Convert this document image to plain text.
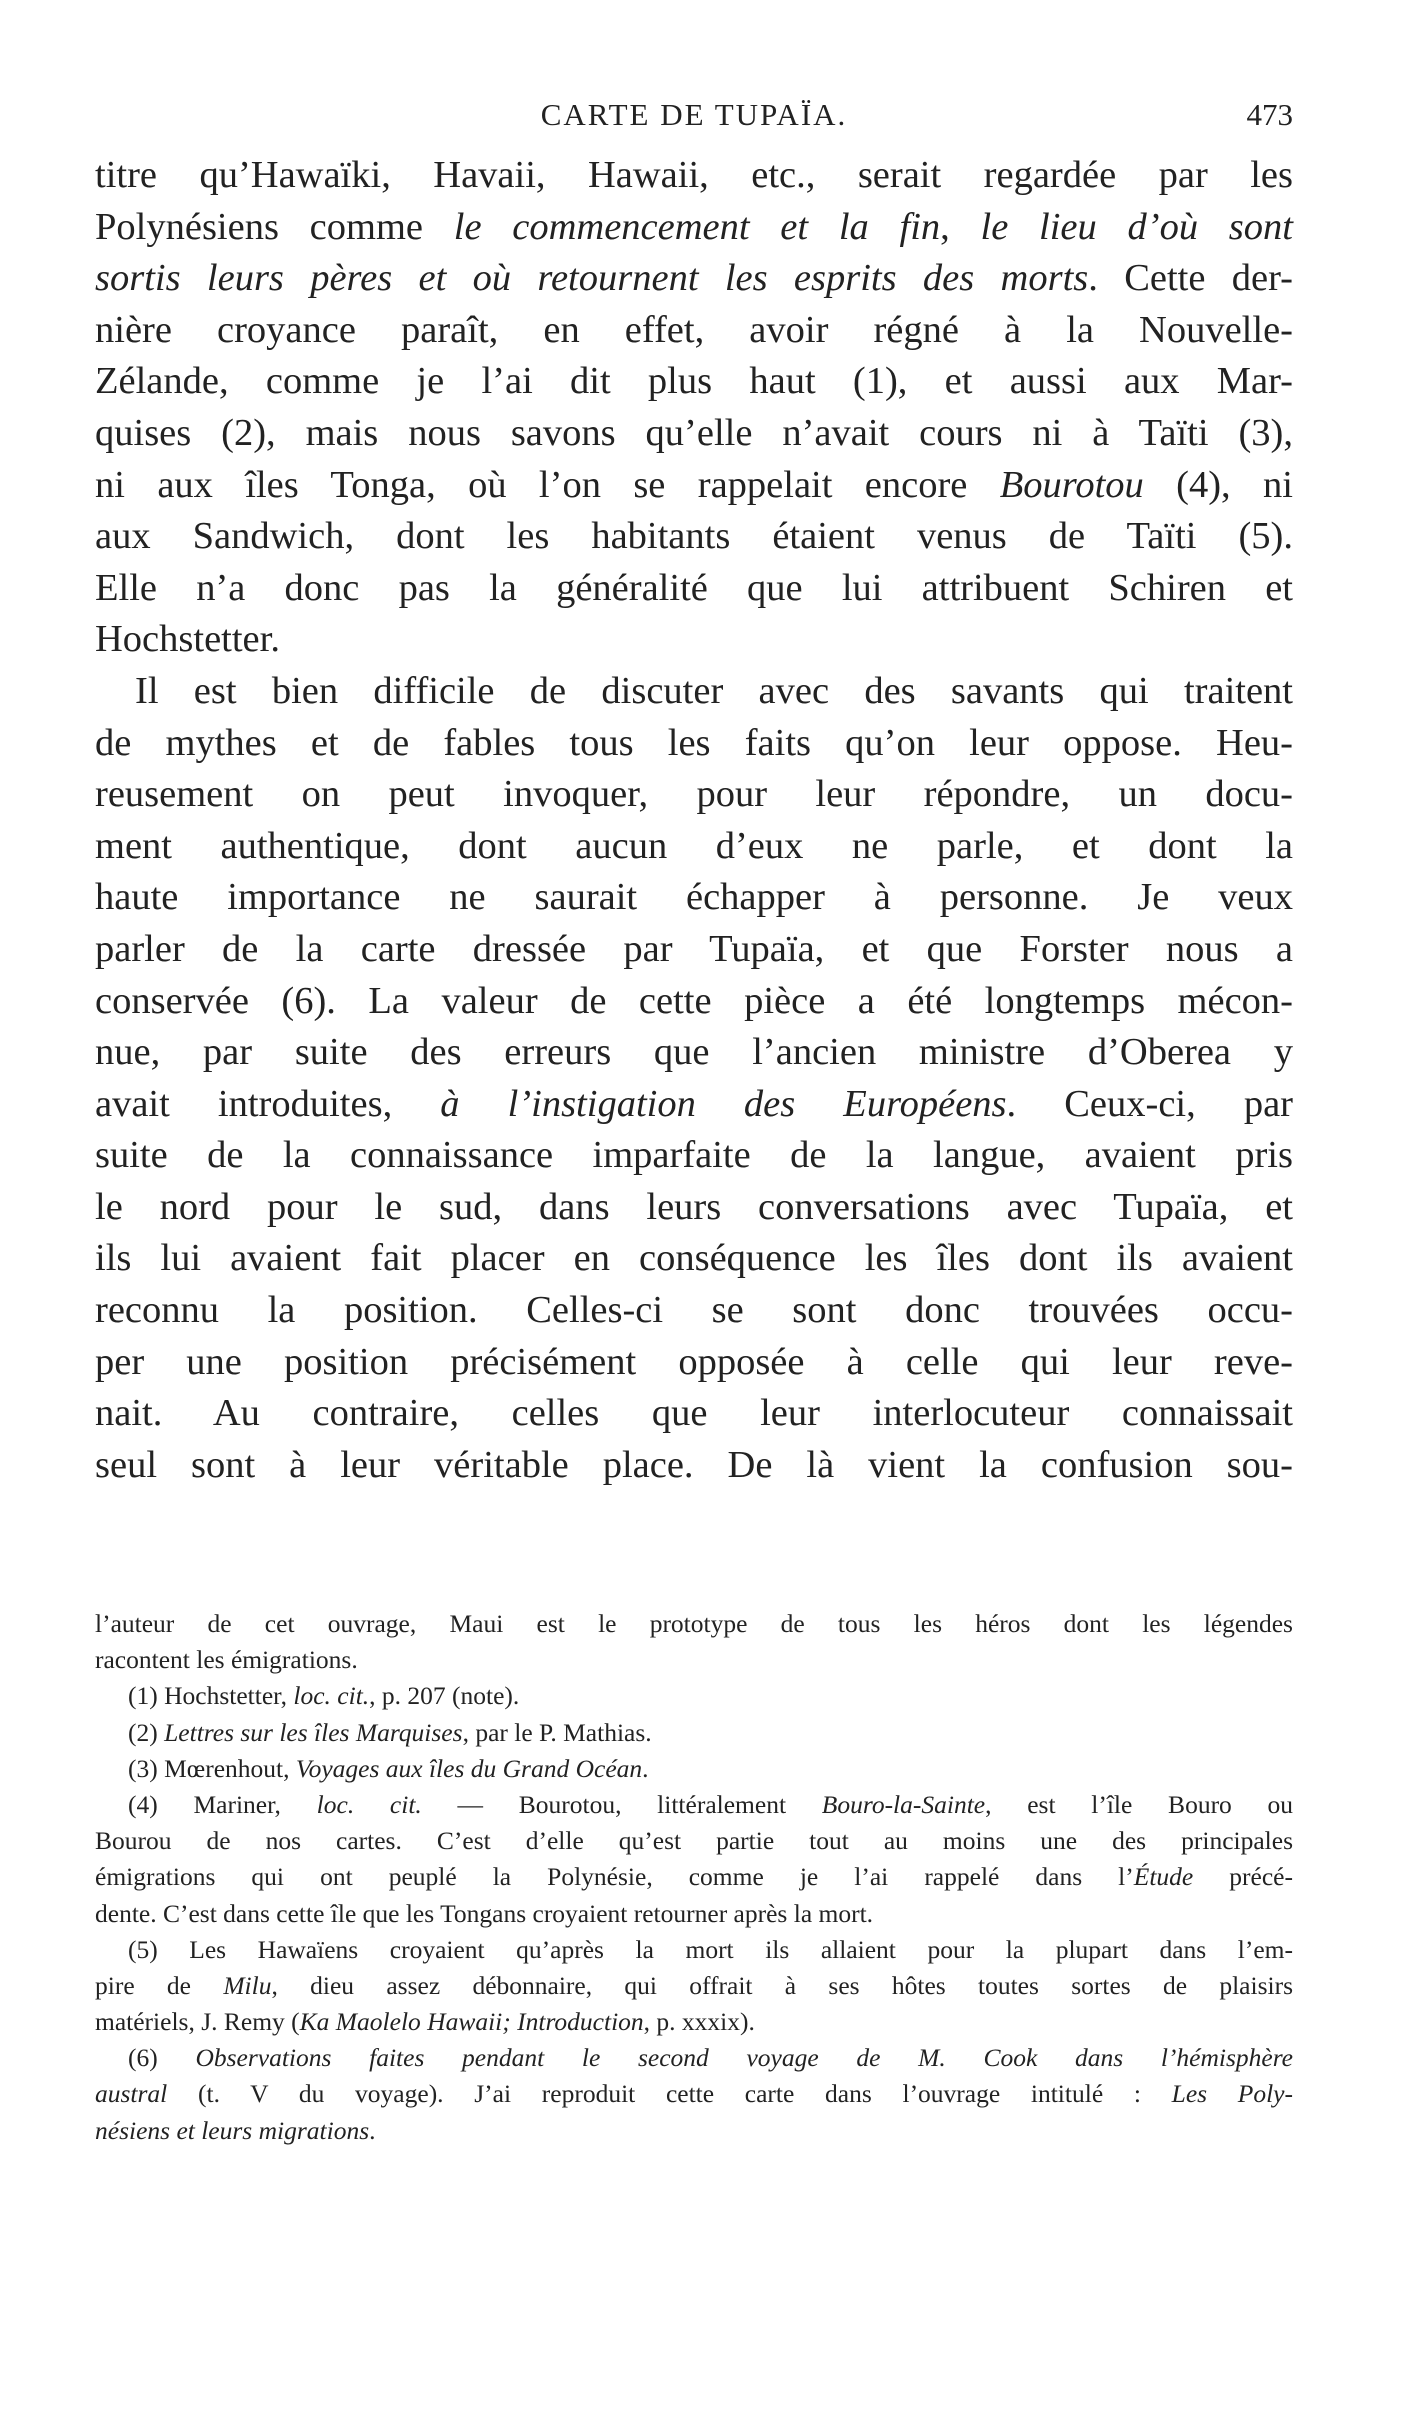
CARTE DE TUPAÏA.	473
titre qu’Hawaïki, Havaii, Hawaii, etc., serait regardée par les
Polynésiens comme le commencement et la fin, le lieu d’où sont
sortis leurs pères et où retournent les esprits des morts. Cette der-
nière croyance paraît, en effet, avoir régné à la Nouvelle-
Zélande, comme je l’ai dit plus haut (1), et aussi aux Mar-
quises (2), mais nous savons qu’elle n’avait cours ni à Taïti (3),
ni aux îles Tonga, où l’on se rappelait encore Bourotou (4), ni
aux Sandwich, dont les habitants étaient venus de Taïti (5).
Elle n’a donc pas la généralité que lui attribuent Schiren et
Hochstetter.
Il est bien difficile de discuter avec des savants qui traitent
de mythes et de fables tous les faits qu’on leur oppose. Heu-
reusement on peut invoquer, pour leur répondre, un docu-
ment authentique, dont aucun d’eux ne parle, et dont la
haute importance ne saurait échapper à personne. Je veux
parler de la carte dressée par Tupaïa, et que Forster nous a
conservée (6). La valeur de cette pièce a été longtemps mécon-
nue, par suite des erreurs que l’ancien ministre d’Oberea y
avait introduites, à l’instigation des Européens. Ceux-ci, par
suite de la connaissance imparfaite de la langue, avaient pris
le nord pour le sud, dans leurs conversations avec Tupaïa, et
ils lui avaient fait placer en conséquence les îles dont ils avaient
reconnu la position. Celles-ci se sont donc trouvées occu-
per une position précisément opposée à celle qui leur reve-
nait. Au contraire, celles que leur interlocuteur connaissait
seul sont à leur véritable place. De là vient la confusion sou-
l’auteur de cet ouvrage, Maui est le prototype de tous les héros dont les légendes
racontent les émigrations.
(1) Hochstetter, loc. cit., p. 207 (note).
(2) Lettres sur les îles Marquises, par le P. Mathias.
(3) Mœrenhout, Voyages aux îles du Grand Océan.
(4) Mariner, loc. cit. — Bourotou, littéralement Bouro-la-Sainte, est l’île Bouro ou
Bourou de nos cartes. C’est d’elle qu’est partie tout au moins une des principales
émigrations qui ont peuplé la Polynésie, comme je l’ai rappelé dans l’Étude précé-
dente. C’est dans cette île que les Tongans croyaient retourner après la mort.
(5) Les Hawaïens croyaient qu’après la mort ils allaient pour la plupart dans l’em-
pire de Milu, dieu assez débonnaire, qui offrait à ses hôtes toutes sortes de plaisirs
matériels, J. Remy (Ka Maolelo Hawaii; Introduction, p. xxxix).
(6) Observations faites pendant le second voyage de M. Cook dans l’hémisphère
austral (t. V du voyage). J’ai reproduit cette carte dans l’ouvrage intitulé : Les Poly-
nésiens et leurs migrations.
